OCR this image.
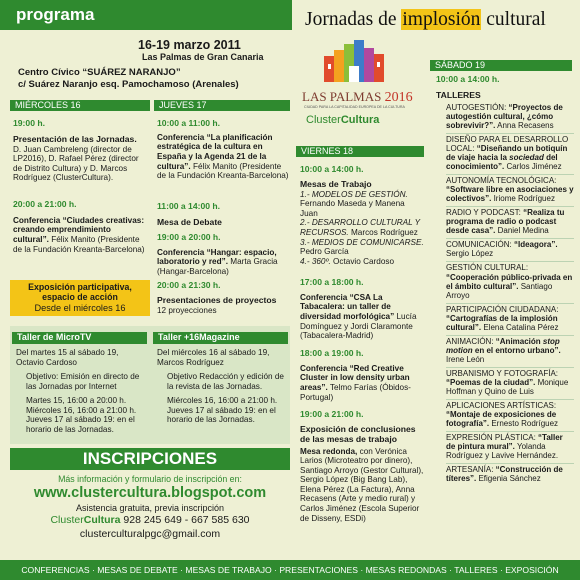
programa	Jornadas de implosión cultural
16-19 marzo 2011
Las Palmas de Gran Canaria
Centro Cívico “SUÁREZ NARANJO”
c/ Suárez Naranjo esq. Pamochamoso (Arenales)
LAS PALMAS 2016
CIUDAD PARA LA CAPITALIDAD EUROPEA DE LA CULTURA
ClusterCultura
MIÉRCOLES 16
19:00 h.
Presentación de las Jornadas.
D. Juan Cambreleng (director de LP2016), D. Rafael Pérez (director de Distrito Cultura) y D. Marcos Rodríguez (ClusterCultura).
20:00 a 21:00 h.
Conferencia “Ciudades creativas: creando emprendimiento cultural”. Félix Manito (Presidente de la Fundación Kreanta-Barcelona)
Exposición participativa,
espacio de acción
Desde el miércoles 16
JUEVES 17
10:00 a 11:00 h.
Conferencia “La planificación estratégica de la cultura en España y la Agenda 21 de la cultura”. Félix Manito (Presidente de la Fundación Kreanta-Barcelona)
11:00 a 14:00 h.
Mesa de Debate
19:00 a 20:00 h.
Conferencia “Hangar: espacio, laboratorio y red”. Marta Gracia (Hangar-Barcelona)
20:00 a 21:30 h.
Presentaciones de proyectos
12 proyecciones
Taller de MicroTV
Del martes 15 al sábado 19,
Octavio Cardoso
Objetivo: Emisión en directo de las Jornadas por Internet
Martes 15, 16:00 a 20:00 h.
Miércoles 16, 16:00 a 21:00 h.
Jueves 17 al sábado 19: en el horario de las Jornadas.
Taller +16Magazine
Del miércoles 16 al sábado 19,
Marcos Rodríguez
Objetivo Redacción y edición de la revista de las Jornadas.
Miércoles 16, 16:00 a 21:00 h.
Jueves 17 al sábado 19: en el horario de las Jornadas.
INSCRIPCIONES
Más información y formulario de inscripción en:
www.clustercultura.blogspot.com
Asistencia gratuita, previa inscripción
ClusterCultura 928 245 649 - 667 585 630
clusterculturalpgc@gmail.com
VIERNES 18
10:00 a 14:00 h.
Mesas de Trabajo
1.- MODELOS DE GESTIÓN.
Fernando Maseda y Manena Juan
2.- DESARROLLO CULTURAL Y RECURSOS. Marcos Rodríguez
3.- MEDIOS DE COMUNICARSE. Pedro García
4.- 360º. Octavio Cardoso
17:00 a 18:00 h.
Conferencia “CSA La Tabacalera: un taller de diversidad morfológica” Lucía Domínguez y Jordi Claramonte (Tabacalera-Madrid)
18:00 a 19:00 h.
Conferencia “Red Creative Cluster in low density urban areas”. Telmo Farías (Óbidos-Portugal)
19:00 a 21:00 h.
Exposición de conclusiones de las mesas de trabajo
Mesa redonda, con Verónica Larios (Microteatro por dinero), Santiago Arroyo (Gestor Cultural), Sergio López (Big Bang Lab), Elena Pérez (La Factura), Anna Recasens (Arte y medio rural) y Carlos Jiménez (Escola Superior de Disseny, ESDi)
SÁBADO 19
10:00 a 14:00 h.
TALLERES
AUTOGESTIÓN: “Proyectos de autogestión cultural, ¿cómo sobrevivir?”. Anna Recasens
DISEÑO PARA EL DESARROLLO LOCAL: “Diseñando un botiquín de viaje hacia la sociedad del conocimiento”. Carlos Jiménez
AUTONOMÍA TECNOLÓGICA: “Software libre en asociaciones y colectivos”. Iriome Rodríguez
RADIO Y PODCAST: “Realiza tu programa de radio o podcast desde casa”. Daniel Medina
COMUNICACIÓN: “Ideagora”. Sergio López
GESTIÓN CULTURAL: “Cooperación público-privada en el ámbito cultural”. Santiago Arroyo
PARTICIPACIÓN CIUDADANA: “Cartografías de la implosión cultural”. Elena Catalina Pérez
ANIMACIÓN: “Animación stop motion en el entorno urbano”. Irene León
URBANISMO Y FOTOGRAFÍA: “Poemas de la ciudad”. Monique Hoffman y Quino de Luis
APLICACIONES ARTÍSTICAS: “Montaje de exposiciones de fotografía”. Ernesto Rodríguez
EXPRESIÓN PLÁSTICA: “Taller de pintura mural”. Yolanda Rodríguez y Lavive Hernández.
ARTESANÍA: “Construcción de títeres”. Efigenia Sánchez
CONFERENCIAS · MESAS DE DEBATE · MESAS DE TRABAJO · PRESENTACIONES · MESAS REDONDAS · TALLERES · EXPOSICIÓN
